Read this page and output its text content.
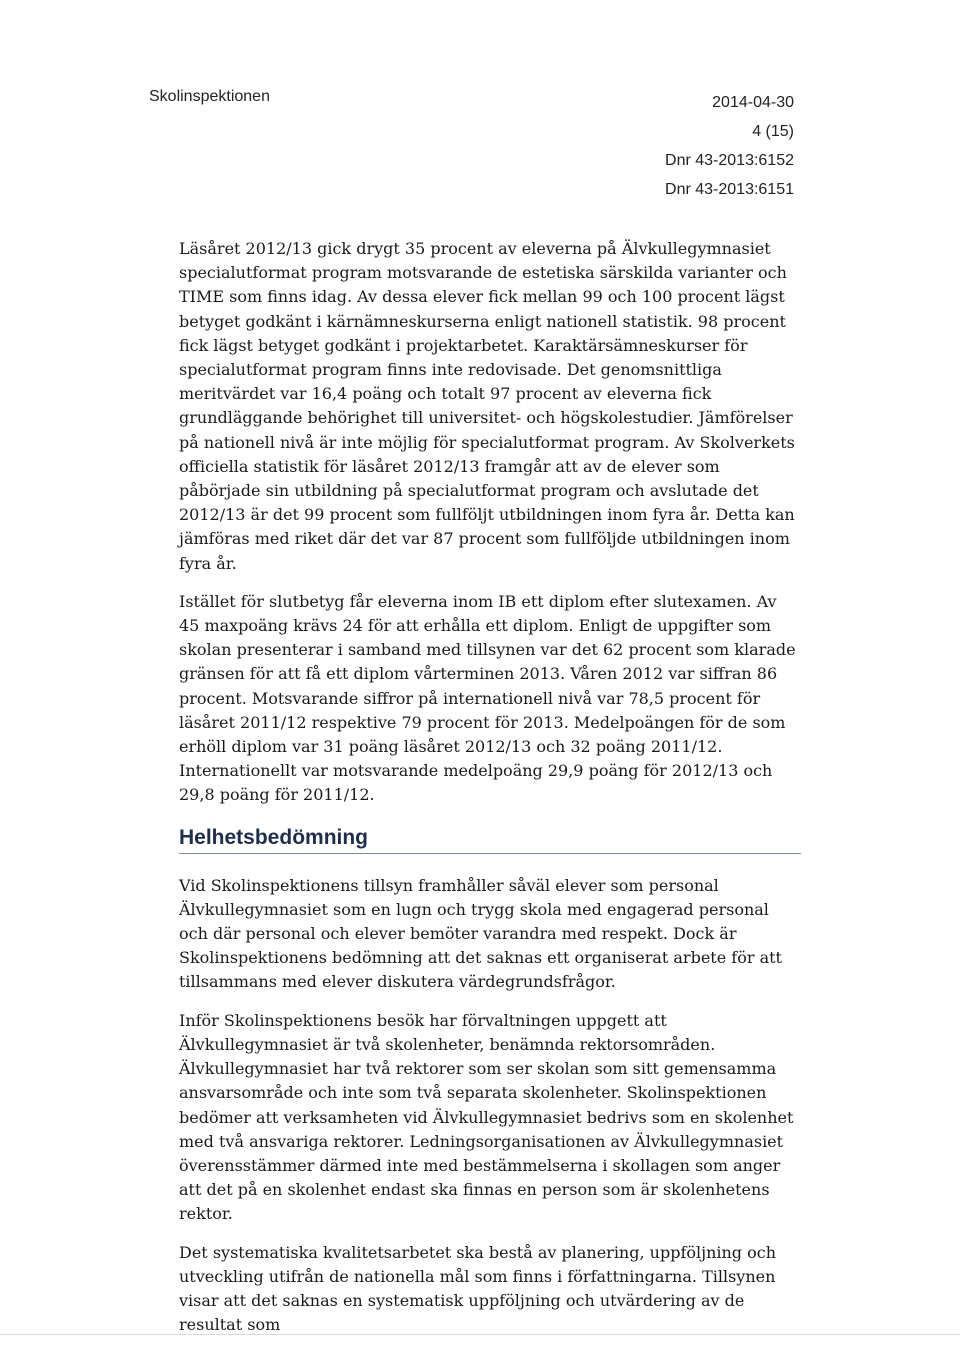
Skolinspektionen	2014-04-30
4 (15)
Dnr 43-2013:6152
Dnr 43-2013:6151

Läsåret 2012/13 gick drygt 35 procent av eleverna på Älvkullegymnasiet specialutformat program motsvarande de estetiska särskilda varianter och TIME som finns idag. Av dessa elever fick mellan 99 och 100 procent lägst betyget godkänt i kärnämneskurserna enligt nationell statistik. 98 procent fick lägst betyget godkänt i projektarbetet. Karaktärsämneskurser för specialutformat program finns inte redovisade. Det genomsnittliga meritvärdet var 16,4 poäng och totalt 97 procent av eleverna fick grundläggande behörighet till universitet- och högskolestudier. Jämförelser på nationell nivå är inte möjlig för specialutformat program. Av Skolverkets officiella statistik för läsåret 2012/13 framgår att av de elever som påbörjade sin utbildning på specialutformat program och avslutade det 2012/13 är det 99 procent som fullföljt utbildningen inom fyra år. Detta kan jämföras med riket där det var 87 procent som fullföljde utbildningen inom fyra år.

Istället för slutbetyg får eleverna inom IB ett diplom efter slutexamen. Av 45 maxpoäng krävs 24 för att erhålla ett diplom. Enligt de uppgifter som skolan presenterar i samband med tillsynen var det 62 procent som klarade gränsen för att få ett diplom vårterminen 2013. Våren 2012 var siffran 86 procent. Motsvarande siffror på internationell nivå var 78,5 procent för läsåret 2011/12 respektive 79 procent för 2013. Medelpoängen för de som erhöll diplom var 31 poäng läsåret 2012/13 och 32 poäng 2011/12. Internationellt var motsvarande medelpoäng 29,9 poäng för 2012/13 och 29,8 poäng för 2011/12.

Helhetsbedömning

Vid Skolinspektionens tillsyn framhåller såväl elever som personal Älvkullegymnasiet som en lugn och trygg skola med engagerad personal och där personal och elever bemöter varandra med respekt. Dock är Skolinspektionens bedömning att det saknas ett organiserat arbete för att tillsammans med elever diskutera värdegrundsfrågor.

Inför Skolinspektionens besök har förvaltningen uppgett att Älvkullegymnasiet är två skolenheter, benämnda rektorsområden. Älvkullegymnasiet har två rektorer som ser skolan som sitt gemensamma ansvarsområde och inte som två separata skolenheter. Skolinspektionen bedömer att verksamheten vid Älvkullegymnasiet bedrivs som en skolenhet med två ansvariga rektorer. Ledningsorganisationen av Älvkullegymnasiet överensstämmer därmed inte med bestämmelserna i skollagen som anger att det på en skolenhet endast ska finnas en person som är skolenhetens rektor.

Det systematiska kvalitetsarbetet ska bestå av planering, uppföljning och utveckling utifrån de nationella mål som finns i författningarna. Tillsynen visar att det saknas en systematisk uppföljning och utvärdering av de resultat som
